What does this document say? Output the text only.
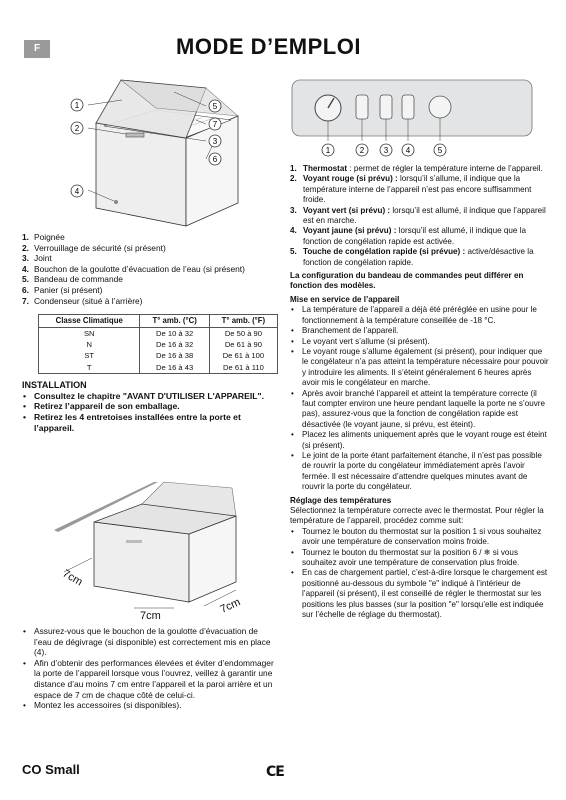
F	MODE D’EMPLOI
1
2
4
5
7
3
6
1	2 3 4	5
1. Poignée
2. Verrouillage de sécurité (si présent)
3. Joint
4. Bouchon de la goulotte d’évacuation de l’eau (si présent)
5. Bandeau de commande
6. Panier (si présent)
7. Condenseur (situé à l’arrière)
Classe Climatique	T° amb. (°C)	T° amb. (°F)
SN	De 10 à 32	De 50 à 90
N	De 16 à 32	De 61 à 90
ST	De 16 à 38	De 61 à 100
T	De 16 à 43	De 61 à 110
INSTALLATION
• Consultez le chapitre "AVANT D'UTILISER L'APPAREIL".
• Retirez l’appareil de son emballage.
• Retirez les 4 entretoises installées entre la porte et l’appareil.
7cm
7cm
7cm
• Assurez-vous que le bouchon de la goulotte d’évacuation de l’eau de dégivrage (si disponible) est correctement mis en place (4).
• Afin d’obtenir des performances élevées et éviter d’endommager la porte de l’appareil lorsque vous l’ouvrez, veillez à garantir une distance d’au moins 7 cm entre l’appareil et la paroi arrière et un espace de 7 cm de chaque côté de celui-ci.
• Montez les accessoires (si disponibles).
1. Thermostat : permet de régler la température interne de l’appareil.
2. Voyant rouge (si prévu) : lorsqu’il s’allume, il indique que la température interne de l’appareil n’est pas encore suffisamment froide.
3. Voyant vert (si prévu) : lorsqu’il est allumé, il indique que l’appareil est en marche.
4. Voyant jaune (si prévu) : lorsqu’il est allumé, il indique que la fonction de congélation rapide est activée.
5. Touche de congélation rapide (si prévue) : active/désactive la fonction de congélation rapide.

La configuration du bandeau de commandes peut différer en fonction des modèles.

Mise en service de l’appareil

• La température de l’appareil a déjà été préréglée en usine pour le fonctionnement à la température conseillée de -18 °C.
• Branchement de l’appareil.
• Le voyant vert s’allume (si présent).
• Le voyant rouge s’allume également (si présent), pour indiquer que le congélateur n’a pas atteint la température nécessaire pour pouvoir y introduire les aliments. Il s’éteint généralement 6 heures après avoir mis le congélateur en marche.
• Après avoir branché l’appareil et atteint la température correcte (il faut compter environ une heure pendant laquelle la porte ne s’ouvre pas), assurez-vous que la fonction de congélation rapide est désactivée (le voyant jaune, si prévu, est éteint).
• Placez les aliments uniquement après que le voyant rouge est éteint (si présent).
• Le joint de la porte étant parfaitement étanche, il n’est pas possible de rouvrir la porte du congélateur immédiatement après l’avoir fermée. Il est nécessaire d’attendre quelques minutes avant de rouvrir la porte du congélateur.

Réglage des températures

Sélectionnez la température correcte avec le thermostat. Pour régler la température de l’appareil, procédez comme suit:

• Tournez le bouton du thermostat sur la position 1 si vous souhaitez avoir une température de conservation moins froide.
• Tournez le bouton du thermostat sur la position 6 / ❄ si vous souhaitez avoir une température de conservation plus froide.
• En cas de chargement partiel, c’est-à-dire lorsque le chargement est positionné au-dessous du symbole "e" indiqué à l’intérieur de l’appareil (si présent), il est conseillé de régler le thermostat sur les positions les plus basses (sur la position "e" lorsqu’elle est indiquée sur l’échelle de réglage du thermostat).
CO Small	CE
